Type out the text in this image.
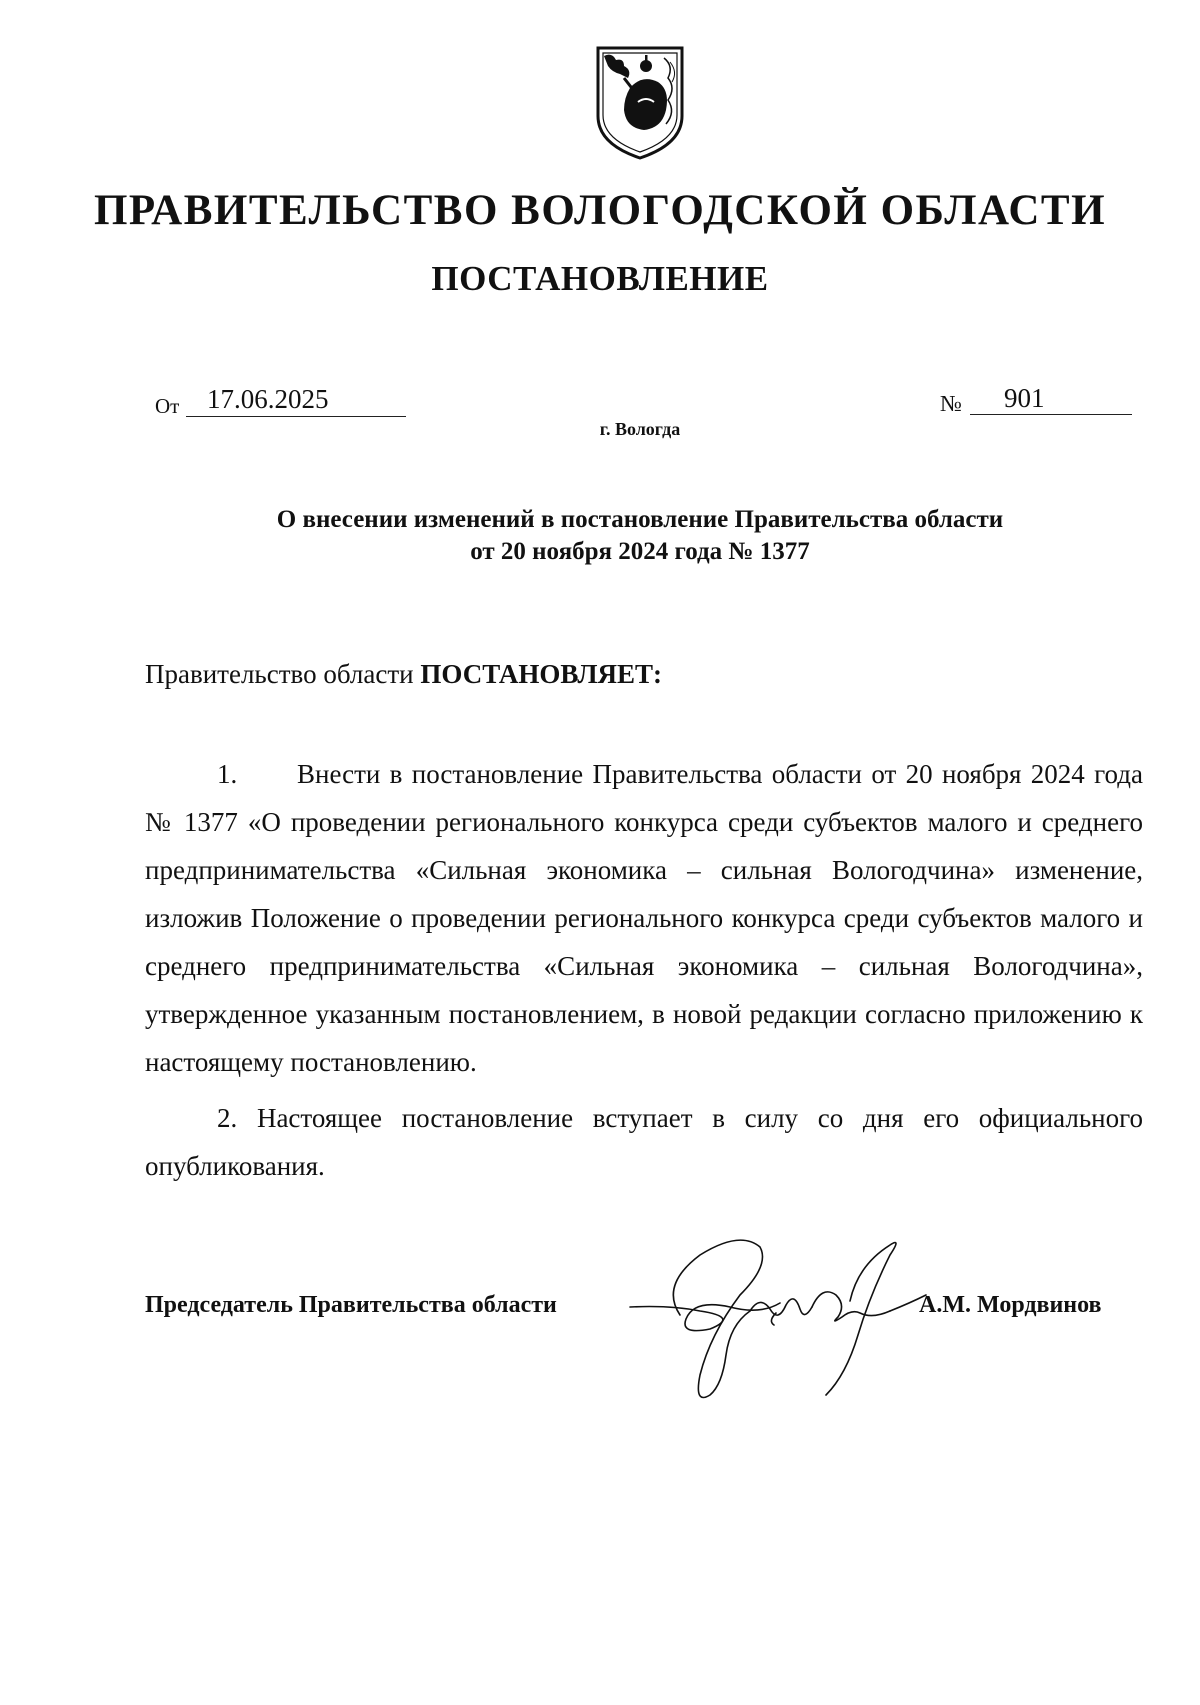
ПРАВИТЕЛЬСТВО ВОЛОГОДСКОЙ ОБЛАСТИ
ПОСТАНОВЛЕНИЕ
От 17.06.2025	№ 901
г. Вологда
О внесении изменений в постановление Правительства области
от 20 ноября 2024 года № 1377
Правительство области ПОСТАНОВЛЯЕТ:
1. Внести в постановление Правительства области от 20 ноября 2024 года № 1377 «О проведении регионального конкурса среди субъектов малого и среднего предпринимательства «Сильная экономика – сильная Вологодчина» изменение, изложив Положение о проведении регионального конкурса среди субъектов малого и среднего предпринимательства «Сильная экономика – сильная Вологодчина», утвержденное указанным постановлением, в новой редакции согласно приложению к настоящему постановлению.
2. Настоящее постановление вступает в силу со дня его официального опубликования.
Председатель Правительства области	А.М. Мордвинов
